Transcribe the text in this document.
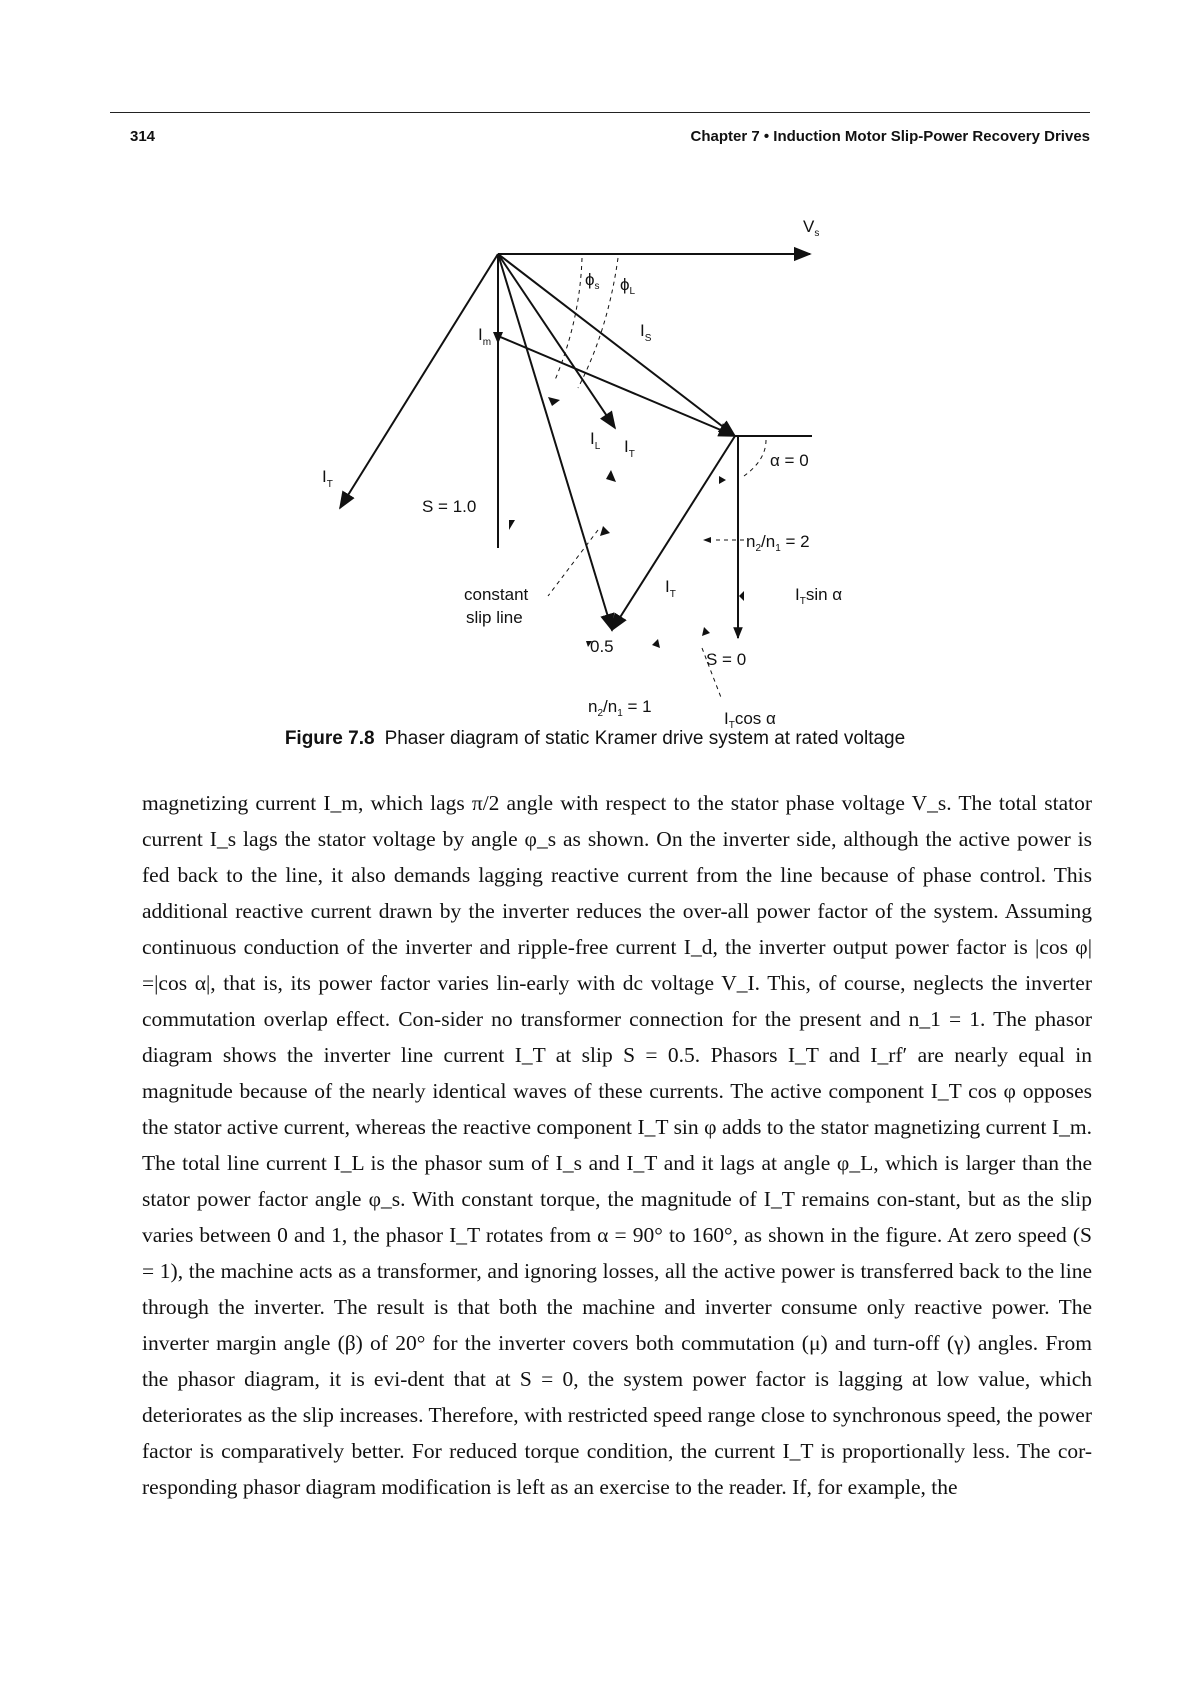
314	Chapter 7 • Induction Motor Slip-Power Recovery Drives
$V_s$
$\phi_s$ $\phi_L$
$I_m$
$I_S$
$I_L$ $I_T$
$I_T$
$I_T$
α = 0
S = 1.0
$n_2/n_1 = 2$
$I_T\sin$ α
constant
slip line
0.5
S = 0
$n_2/n_1 = 1$
$I_T\cos$ α
Figure 7.8 Phaser diagram of static Kramer drive system at rated voltage

magnetizing current I_m, which lags π/2 angle with respect to the stator phase voltage V_s. The total stator current I_s lags the stator voltage by angle φ_s as shown. On the inverter side, although the active power is fed back to the line, it also demands lagging reactive current from the line because of phase control. This additional reactive current drawn by the inverter reduces the over-all power factor of the system. Assuming continuous conduction of the inverter and ripple-free current I_d, the inverter output power factor is |cos φ| =|cos α|, that is, its power factor varies lin-early with dc voltage V_I. This, of course, neglects the inverter commutation overlap effect. Con-sider no transformer connection for the present and n_1 = 1. The phasor diagram shows the inverter line current I_T at slip S = 0.5. Phasors I_T and I_rf′ are nearly equal in magnitude because of the nearly identical waves of these currents. The active component I_T cos φ opposes the stator active current, whereas the reactive component I_T sin φ adds to the stator magnetizing current I_m. The total line current I_L is the phasor sum of I_s and I_T and it lags at angle φ_L, which is larger than the stator power factor angle φ_s. With constant torque, the magnitude of I_T remains con-stant, but as the slip varies between 0 and 1, the phasor I_T rotates from α = 90° to 160°, as shown in the figure. At zero speed (S = 1), the machine acts as a transformer, and ignoring losses, all the active power is transferred back to the line through the inverter. The result is that both the machine and inverter consume only reactive power. The inverter margin angle (β) of 20° for the inverter covers both commutation (μ) and turn-off (γ) angles. From the phasor diagram, it is evi-dent that at S = 0, the system power factor is lagging at low value, which deteriorates as the slip increases. Therefore, with restricted speed range close to synchronous speed, the power factor is comparatively better. For reduced torque condition, the current I_T is proportionally less. The cor-responding phasor diagram modification is left as an exercise to the reader. If, for example, the
